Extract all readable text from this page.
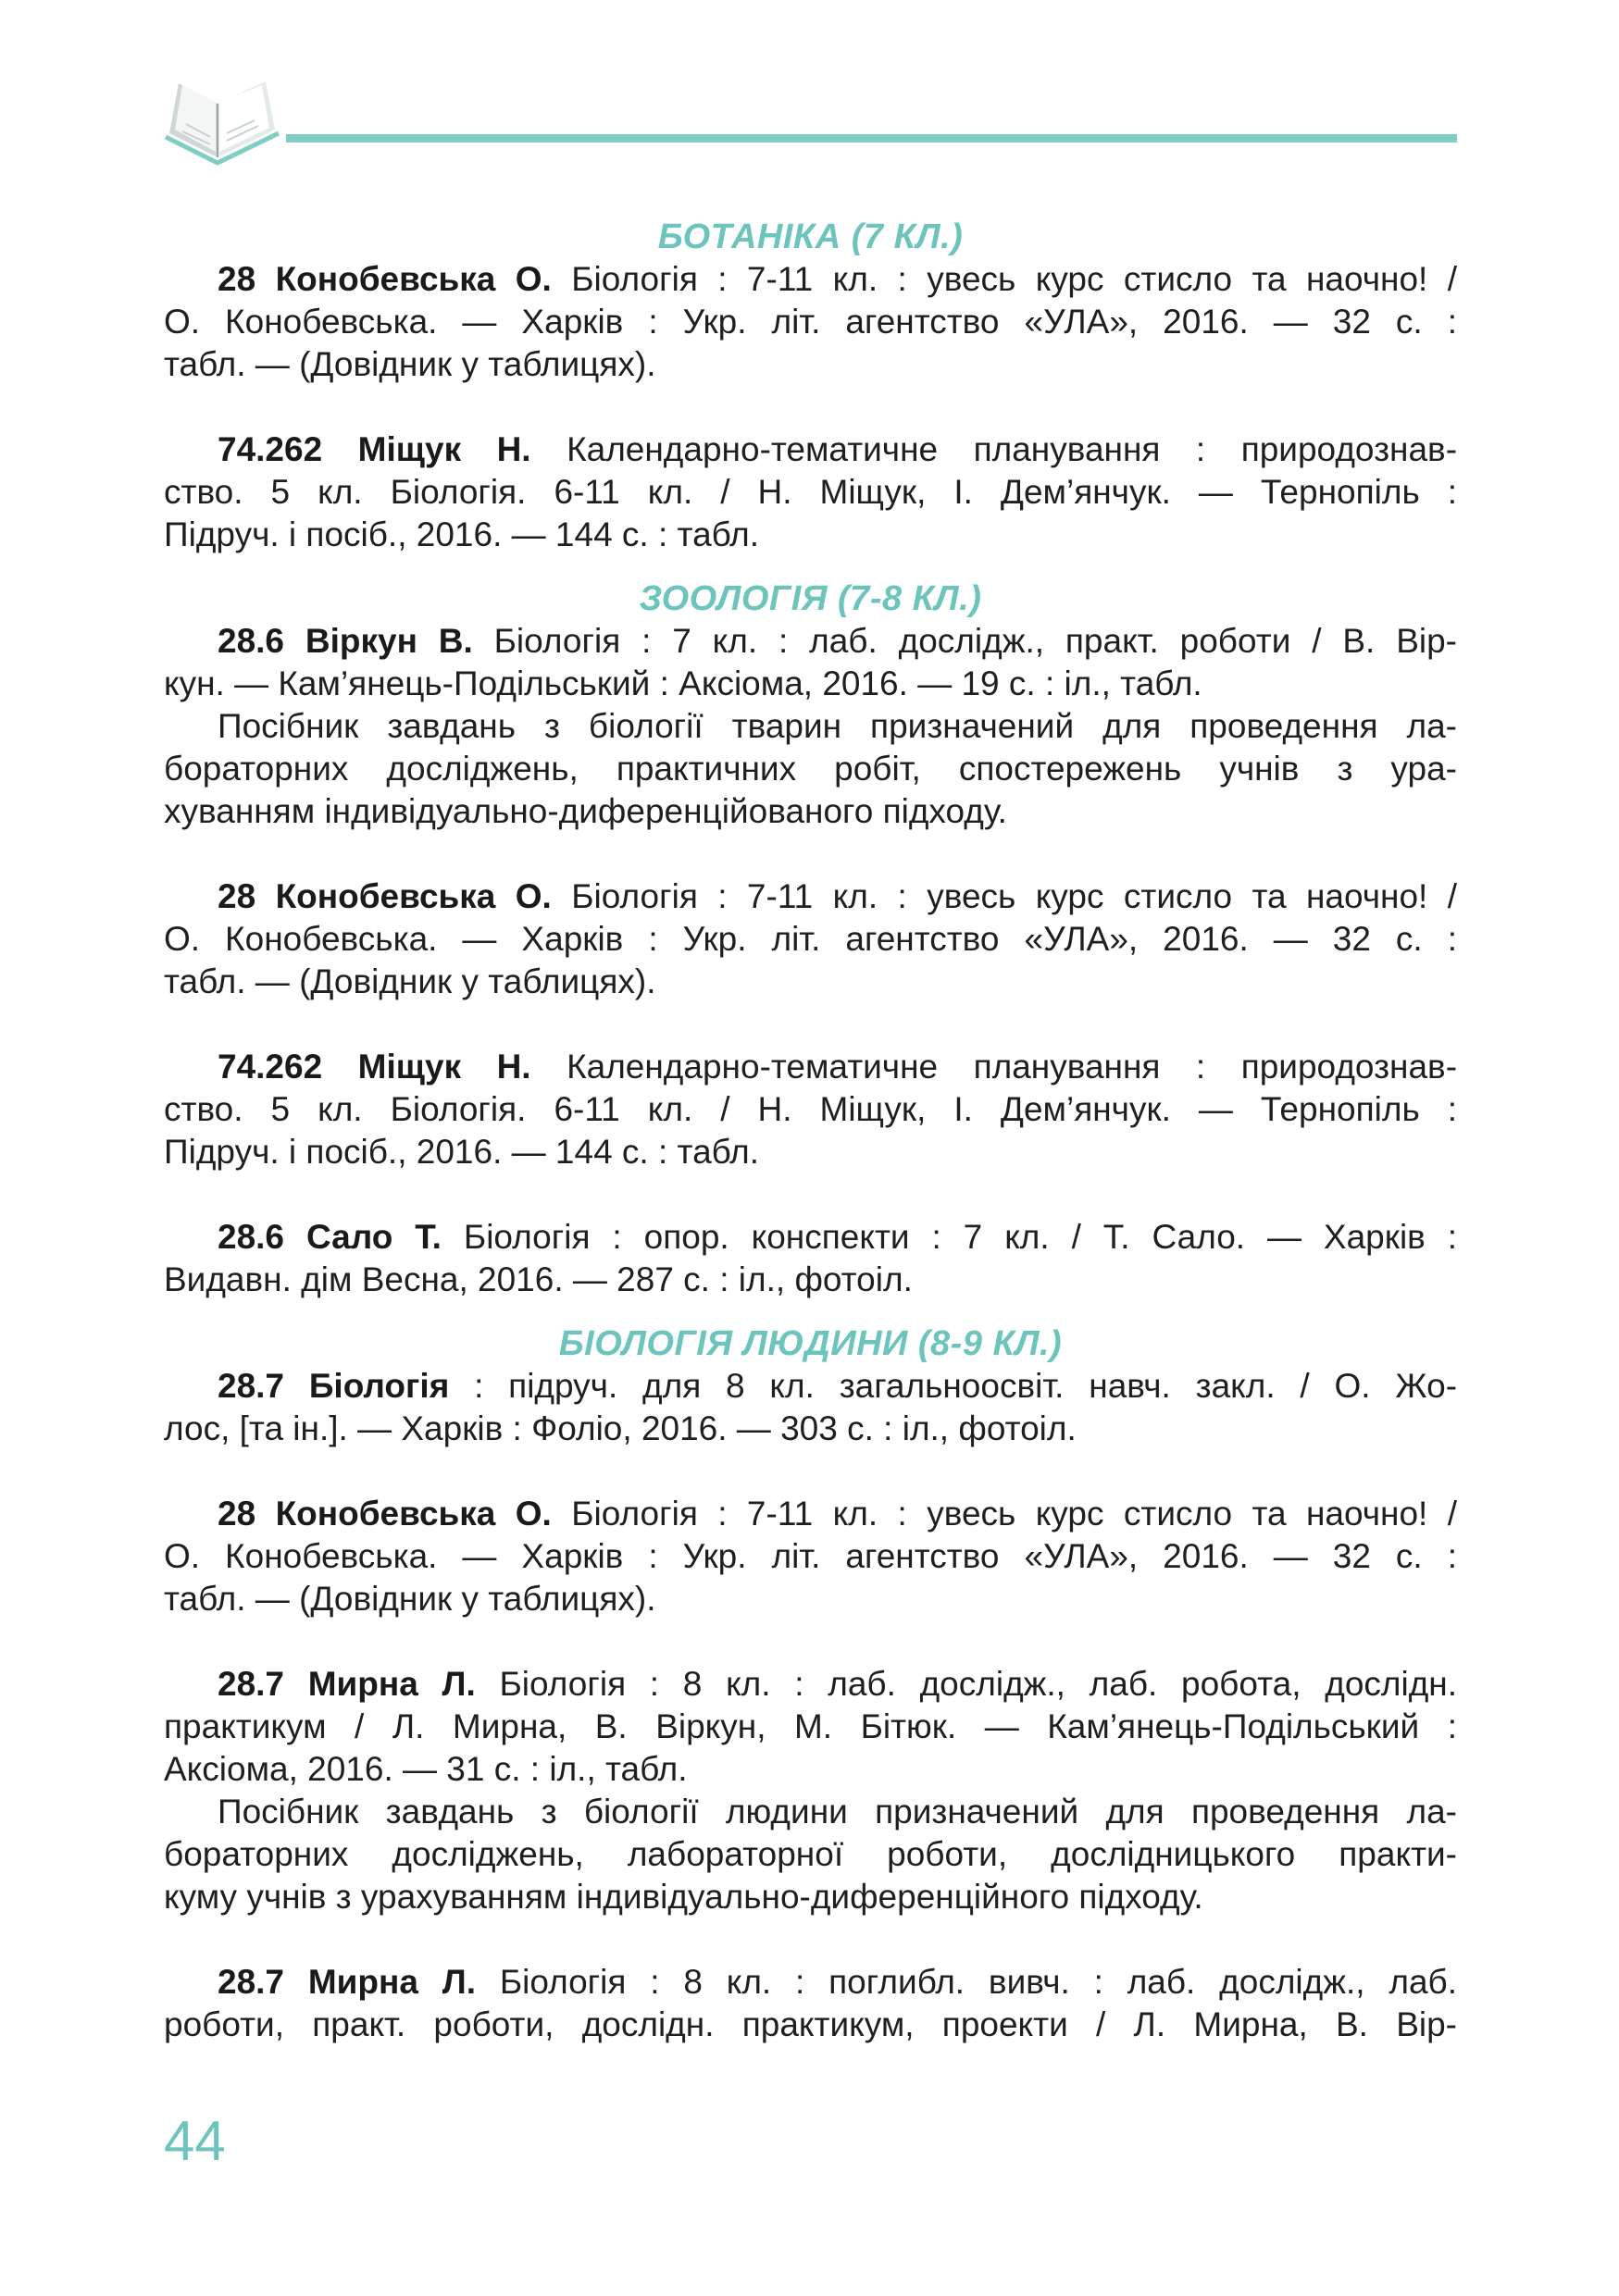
БОТАНІКА (7 КЛ.)
28 Конобевська О. Біологія : 7-11 кл. : увесь курс стисло та наочно! /
О. Конобевська. — Харків : Укр. літ. агентство «УЛА», 2016. — 32 с. :
табл. — (Довідник у таблицях).
74.262 Міщук Н. Календарно-тематичне планування : природознав-
ство. 5 кл. Біологія. 6-11 кл. / Н. Міщук, І. Дем’янчук. — Тернопіль :
Підруч. і посіб., 2016. — 144 с. : табл.
ЗООЛОГІЯ (7-8 КЛ.)
28.6 Віркун В. Біологія : 7 кл. : лаб. дослідж., практ. роботи / В. Вір-
кун. — Кам’янець-Подільський : Аксіома, 2016. — 19 с. : іл., табл.
Посібник завдань з біології тварин призначений для проведення ла-
бораторних досліджень, практичних робіт, спостережень учнів з ура-
хуванням індивідуально-диференційованого підходу.
28 Конобевська О. Біологія : 7-11 кл. : увесь курс стисло та наочно! /
О. Конобевська. — Харків : Укр. літ. агентство «УЛА», 2016. — 32 с. :
табл. — (Довідник у таблицях).
74.262 Міщук Н. Календарно-тематичне планування : природознав-
ство. 5 кл. Біологія. 6-11 кл. / Н. Міщук, І. Дем’янчук. — Тернопіль :
Підруч. і посіб., 2016. — 144 с. : табл.
28.6 Сало Т. Біологія : опор. конспекти : 7 кл. / Т. Сало. — Харків :
Видавн. дім Весна, 2016. — 287 с. : іл., фотоіл.
БІОЛОГІЯ ЛЮДИНИ (8-9 КЛ.)
28.7 Біологія : підруч. для 8 кл. загальноосвіт. навч. закл. / О. Жо-
лос, [та ін.]. — Харків : Фоліо, 2016. — 303 с. : іл., фотоіл.
28 Конобевська О. Біологія : 7-11 кл. : увесь курс стисло та наочно! /
О. Конобевська. — Харків : Укр. літ. агентство «УЛА», 2016. — 32 с. :
табл. — (Довідник у таблицях).
28.7 Мирна Л. Біологія : 8 кл. : лаб. дослідж., лаб. робота, дослідн.
практикум / Л. Мирна, В. Віркун, М. Бітюк. — Кам’янець-Подільський :
Аксіома, 2016. — 31 с. : іл., табл.
Посібник завдань з біології людини призначений для проведення ла-
бораторних досліджень, лабораторної роботи, дослідницького практи-
куму учнів з урахуванням індивідуально-диференційного підходу.
28.7 Мирна Л. Біологія : 8 кл. : поглибл. вивч. : лаб. дослідж., лаб.
роботи, практ. роботи, дослідн. практикум, проекти / Л. Мирна, В. Вір-
44
